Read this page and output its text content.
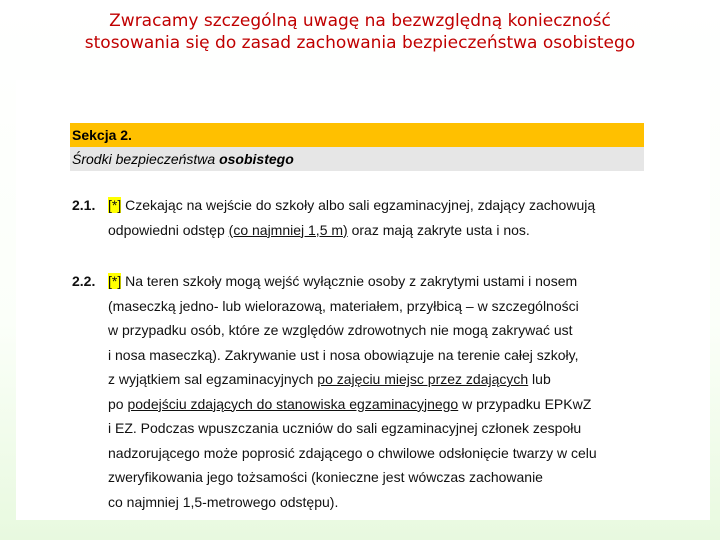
Zwracamy szczególną uwagę na bezwzględną konieczność
stosowania się do zasad zachowania bezpieczeństwa osobistego
Sekcja 2.
Środki bezpieczeństwa osobistego
2.1. [*] Czekając na wejście do szkoły albo sali egzaminacyjnej, zdający zachowują
odpowiedni odstęp (co najmniej 1,5 m) oraz mają zakryte usta i nos.
2.2. [*] Na teren szkoły mogą wejść wyłącznie osoby z zakrytymi ustami i nosem
(maseczką jedno- lub wielorazową, materiałem, przyłbicą – w szczególności
w przypadku osób, które ze względów zdrowotnych nie mogą zakrywać ust
i nosa maseczką). Zakrywanie ust i nosa obowiązuje na terenie całej szkoły,
z wyjątkiem sal egzaminacyjnych po zajęciu miejsc przez zdających lub
po podejściu zdających do stanowiska egzaminacyjnego w przypadku EPKwZ
i EZ. Podczas wpuszczania uczniów do sali egzaminacyjnej członek zespołu
nadzorującego może poprosić zdającego o chwilowe odsłonięcie twarzy w celu
zweryfikowania jego tożsamości (konieczne jest wówczas zachowanie
co najmniej 1,5-metrowego odstępu).
